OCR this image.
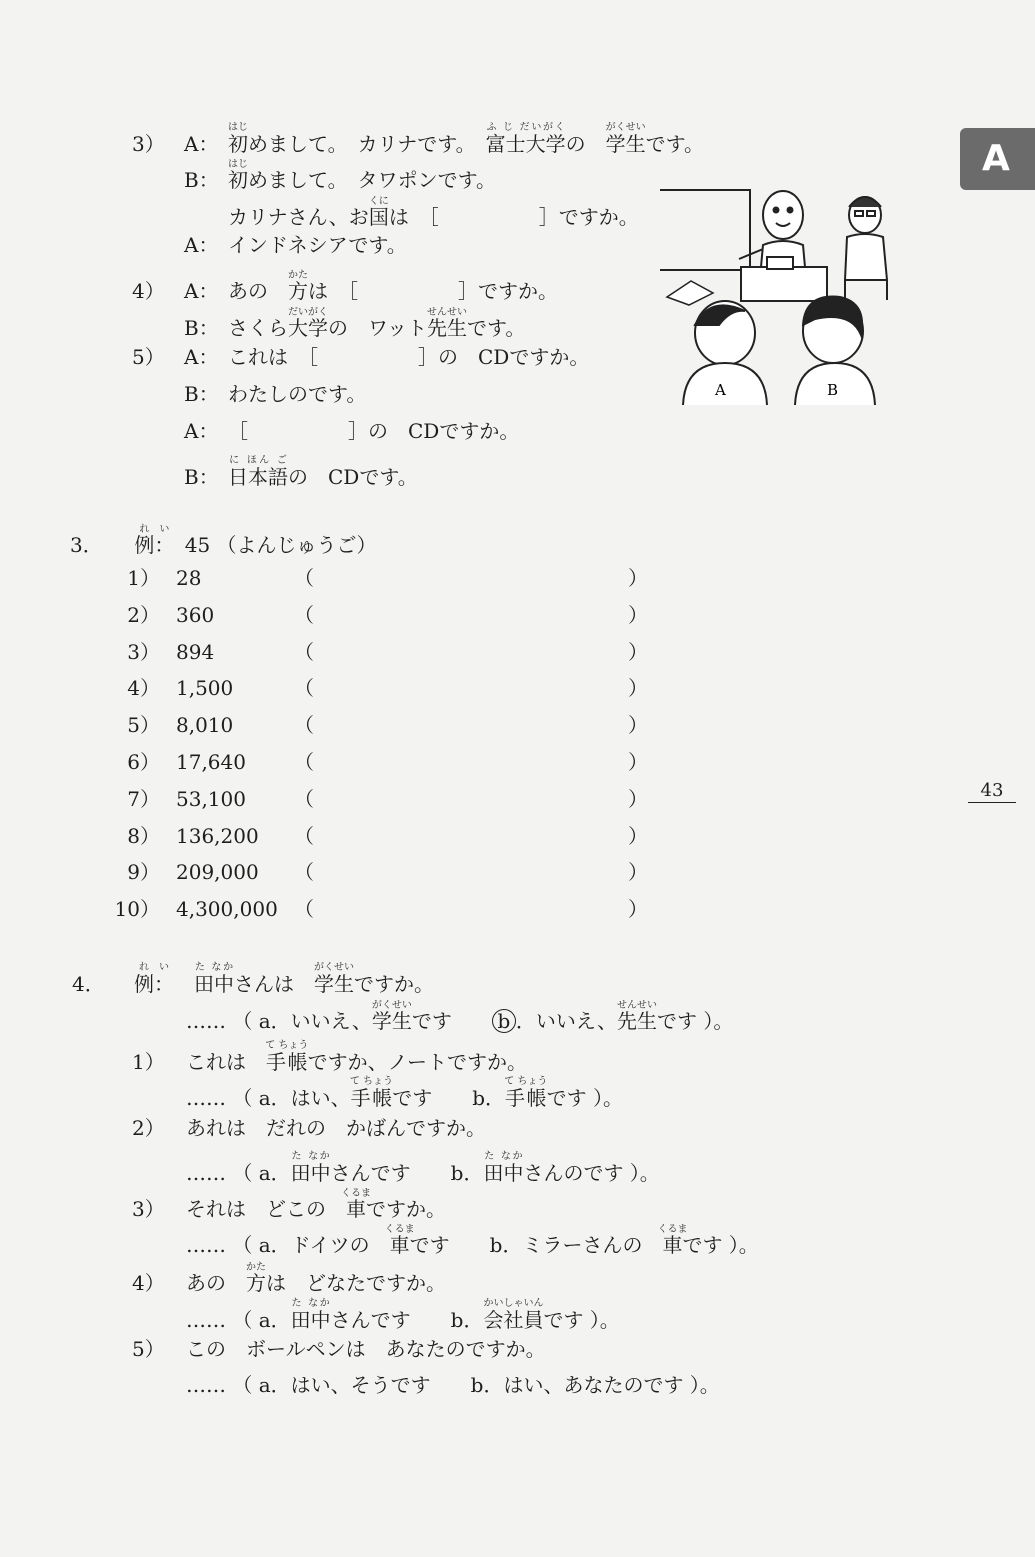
A
43
3） A： 初はじめまして。　カリナです。　富士大学ふ じ だいがくの　学生がくせいです。
B： 初はじめまして。　タワポンです。
カリナさん、お国くには　［　　　　　］ですか。
A： インドネシアです。
4） A： あの　方かたは　［　　　　　］ですか。
B： さくら大学だいがくの　ワット先生せんせいです。
5） A： これは　［　　　　　］の　CDですか。
B： わたしのです。
A： ［　　　　　］の　CDですか。
B： 日本語に ほん ごの　CDです。
A	B
3． 例：れい 45 （よんじゅうご）
1） 28	（	）
2） 360	（	）
3） 894	（	）
4） 1,500	（	）
5） 8,010	（	）
6） 17,640 （	）
7） 53,100 （	）
8） 136,200 （	）
9） 209,000 （	）
10） 4,300,000 （	）
4． 例：れい　田中た なかさんは　学生がくせいですか。
…… （ a．いいえ、学生がくせいです　　b ．いいえ、先生せんせいです ）。
1） これは　手帳て ちょうですか、ノートですか。
…… （ a．はい、手帳て ちょうです　　b．手帳て ちょうです ）。
2） あれは　だれの　かばんですか。
…… （ a．田中た なかさんです　　b．田中た なかさんのです ）。
3） それは　どこの　車くるまですか。
…… （ a．ドイツの　車くるまです　　b．ミラーさんの　車くるまです ）。
4） あの　方かたは　どなたですか。
…… （ a．田中た なかさんです　　b．会社員かいしゃいんです ）。
5） この　ボールペンは　あなたのですか。
…… （ a．はい、そうです　　b．はい、あなたのです ）。
